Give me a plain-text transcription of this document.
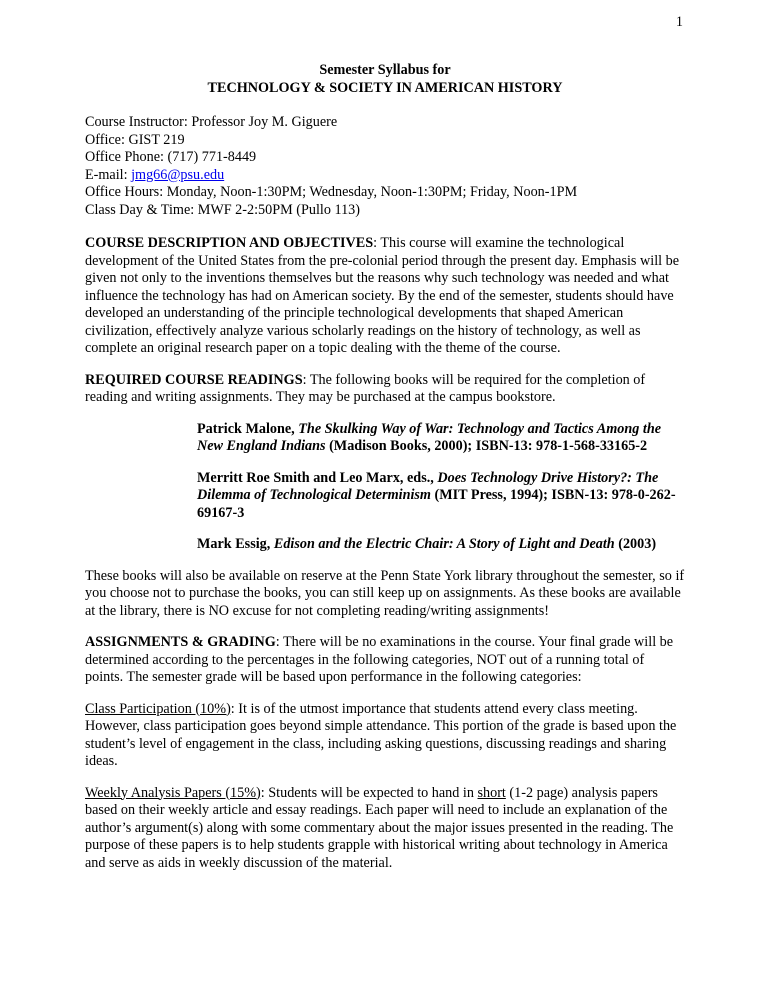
1
Semester Syllabus for
TECHNOLOGY & SOCIETY IN AMERICAN HISTORY
Course Instructor: Professor Joy M. Giguere
Office: GIST 219
Office Phone: (717) 771-8449
E-mail: jmg66@psu.edu
Office Hours: Monday, Noon-1:30PM; Wednesday, Noon-1:30PM; Friday, Noon-1PM
Class Day & Time: MWF 2-2:50PM (Pullo 113)

COURSE DESCRIPTION AND OBJECTIVES: This course will examine the technological development of the United States from the pre-colonial period through the present day. Emphasis will be given not only to the inventions themselves but the reasons why such technology was needed and what influence the technology has had on American society. By the end of the semester, students should have developed an understanding of the principle technological developments that shaped American civilization, effectively analyze various scholarly readings on the history of technology, as well as complete an original research paper on a topic dealing with the theme of the course.

REQUIRED COURSE READINGS: The following books will be required for the completion of reading and writing assignments. They may be purchased at the campus bookstore.

Patrick Malone, The Skulking Way of War: Technology and Tactics Among the New England Indians (Madison Books, 2000); ISBN-13: 978-1-568-33165-2
Merritt Roe Smith and Leo Marx, eds., Does Technology Drive History?: The Dilemma of Technological Determinism (MIT Press, 1994); ISBN-13: 978-0-262-69167-3
Mark Essig, Edison and the Electric Chair: A Story of Light and Death (2003)

These books will also be available on reserve at the Penn State York library throughout the semester, so if you choose not to purchase the books, you can still keep up on assignments. As these books are available at the library, there is NO excuse for not completing reading/writing assignments!

ASSIGNMENTS & GRADING: There will be no examinations in the course. Your final grade will be determined according to the percentages in the following categories, NOT out of a running total of points. The semester grade will be based upon performance in the following categories:

Class Participation (10%): It is of the utmost importance that students attend every class meeting. However, class participation goes beyond simple attendance. This portion of the grade is based upon the student’s level of engagement in the class, including asking questions, discussing readings and sharing ideas.

Weekly Analysis Papers (15%): Students will be expected to hand in short (1-2 page) analysis papers based on their weekly article and essay readings. Each paper will need to include an explanation of the author’s argument(s) along with some commentary about the major issues presented in the reading. The purpose of these papers is to help students grapple with historical writing about technology in America and serve as aids in weekly discussion of the material.
